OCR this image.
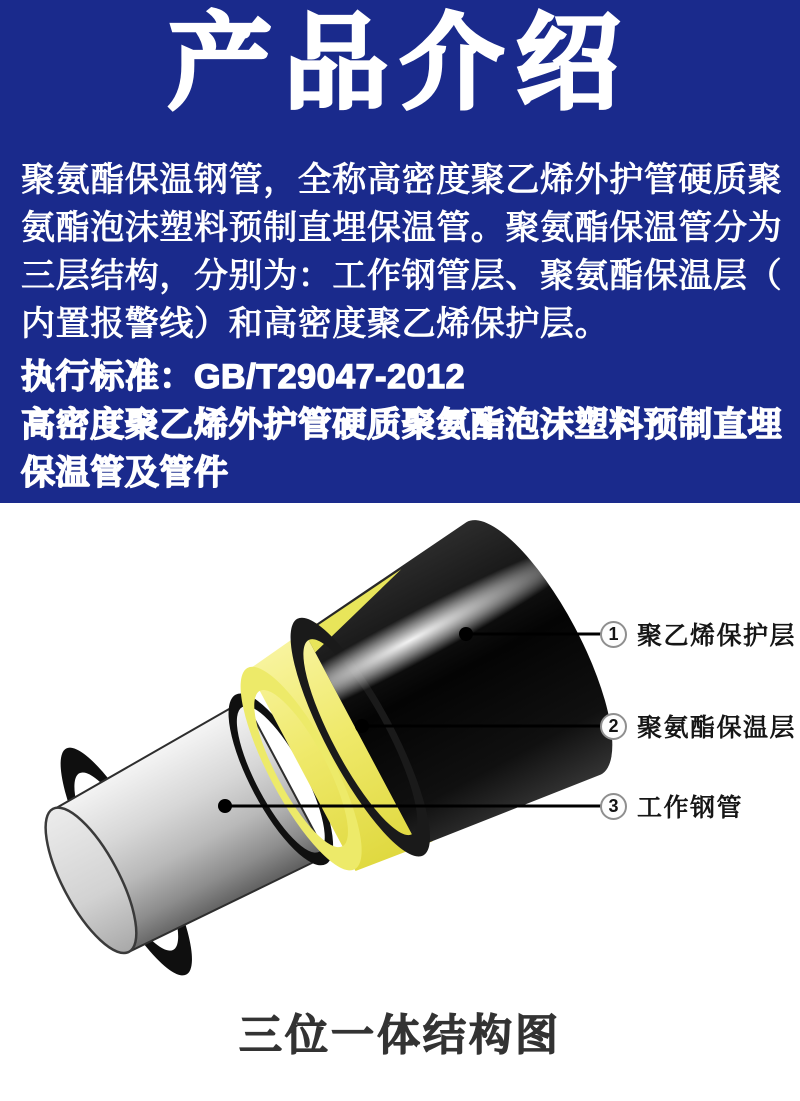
产品介绍

聚氨酯保温钢管，全称高密度聚乙烯外护管硬质聚

氨酯泡沫塑料预制直埋保温管。聚氨酯保温管分为

三层结构，分别为：工作钢管层、聚氨酯保温层（

内置报警线）和高密度聚乙烯保护层。

执行标准：GB/T29047-2012

高密度聚乙烯外护管硬质聚氨酯泡沫塑料预制直埋

保温管及管件

1 聚乙烯保护层
2 聚氨酯保温层
3 工作钢管

三位一体结构图
